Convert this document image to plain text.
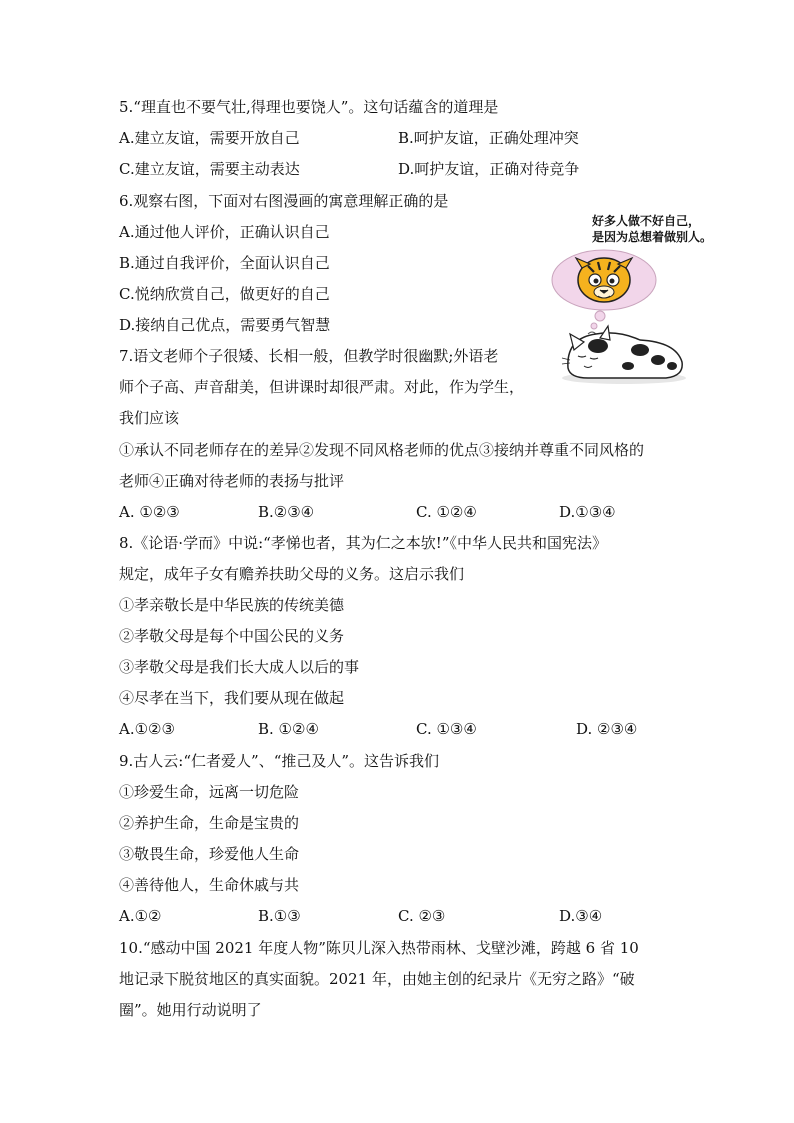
5.“理直也不要气壮,得理也要饶人”。这句话蕴含的道理是
A.建立友谊，需要开放自己	B.呵护友谊，正确处理冲突
C.建立友谊，需要主动表达	D.呵护友谊，正确对待竞争
6.观察右图，下面对右图漫画的寓意理解正确的是
A.通过他人评价，正确认识自己
B.通过自我评价，全面认识自己
C.悦纳欣赏自己，做更好的自己
D.接纳自己优点，需要勇气智慧
好多人做不好自己，
是因为总想着做别人。
7.语文老师个子很矮、长相一般，但教学时很幽默;外语老
师个子高、声音甜美，但讲课时却很严肃。对此，作为学生，
我们应该
①承认不同老师存在的差异②发现不同风格老师的优点③接纳并尊重不同风格的
老师④正确对待老师的表扬与批评
A. ①②③	B.②③④	C. ①②④	D.①③④
8.《论语·学而》中说:“孝悌也者，其为仁之本欤!”《中华人民共和国宪法》
规定，成年子女有赡养扶助父母的义务。这启示我们
①孝亲敬长是中华民族的传统美德
②孝敬父母是每个中国公民的义务
③孝敬父母是我们长大成人以后的事
④尽孝在当下，我们要从现在做起
A.①②③	B. ①②④	C. ①③④	D. ②③④
9.古人云:“仁者爱人”、“推己及人”。这告诉我们
①珍爱生命，远离一切危险
②养护生命，生命是宝贵的
③敬畏生命，珍爱他人生命
④善待他人，生命休戚与共
A.①②	B.①③	C. ②③	D.③④
10.“感动中国 2021 年度人物”陈贝儿深入热带雨林、戈壁沙滩，跨越 6 省 10
地记录下脱贫地区的真实面貌。2021 年，由她主创的纪录片《无穷之路》“破
圈”。她用行动说明了
